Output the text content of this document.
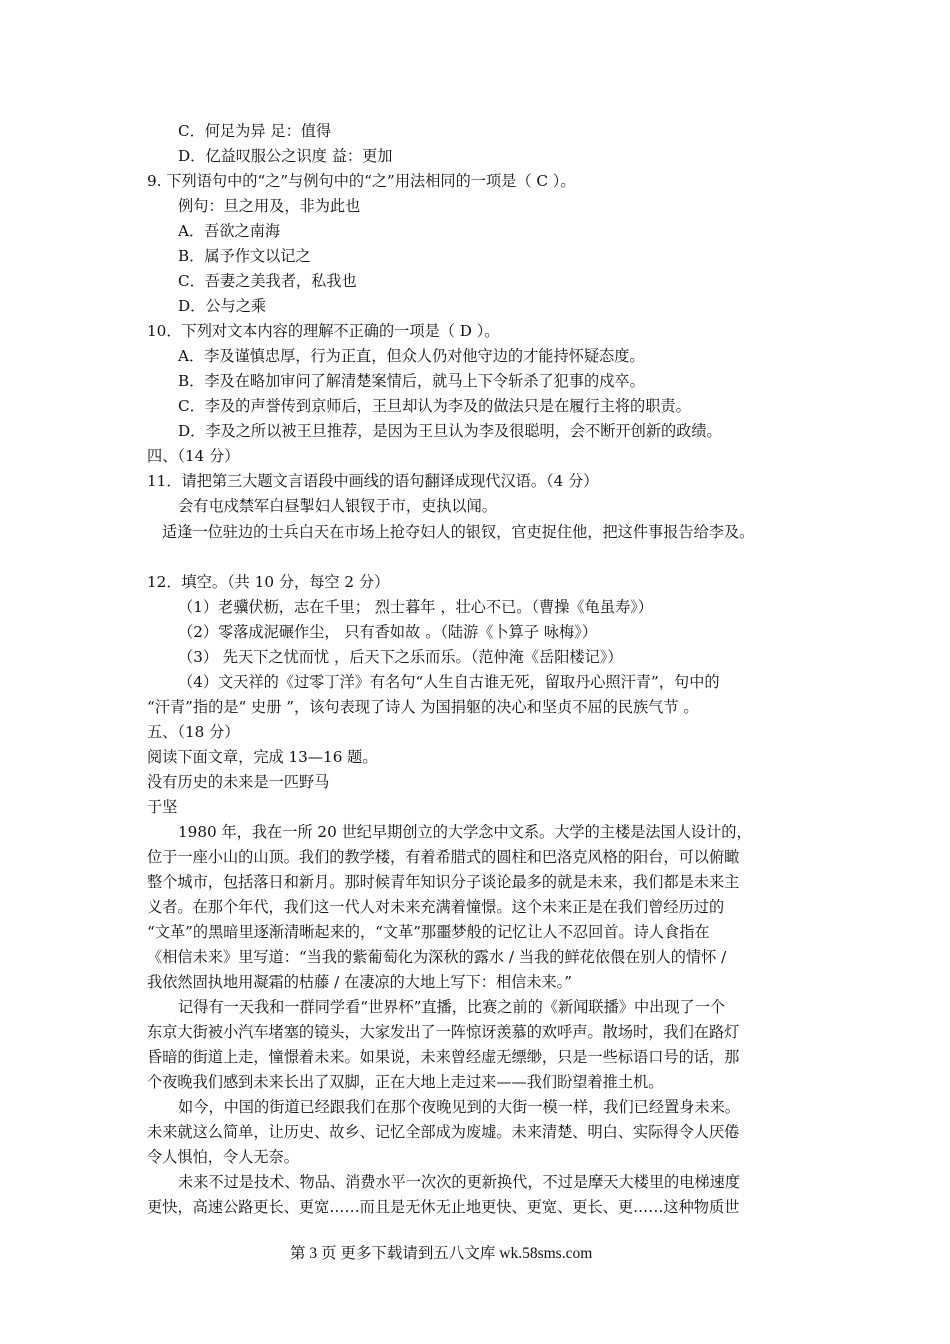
C．何足为异 足：值得
D．亿益叹服公之识度 益：更加
9. 下列语句中的“之”与例句中的“之”用法相同的一项是（ C ）。
例句：旦之用及，非为此也
A．吾欲之南海
B．属予作文以记之
C．吾妻之美我者，私我也
D．公与之乘
10．下列对文本内容的理解不正确的一项是（ D ）。
A．李及谨慎忠厚，行为正直，但众人仍对他守边的才能持怀疑态度。
B．李及在略加审问了解清楚案情后，就马上下令斩杀了犯事的戍卒。
C．李及的声誉传到京师后，王旦却认为李及的做法只是在履行主将的职责。
D．李及之所以被王旦推荐，是因为王旦认为李及很聪明，会不断开创新的政绩。
四、（14 分）
11．请把第三大题文言语段中画线的语句翻译成现代汉语。（4 分）
会有屯戍禁军白昼掣妇人银钗于市，吏执以闻。
适逢一位驻边的士兵白天在市场上抢夺妇人的银钗，官吏捉住他，把这件事报告给李及。
12．填空。（共 10 分，每空 2 分）
（1）老骥伏枥，志在千里； 烈士暮年 ，壮心不已。（曹操《龟虽寿》）
（2）零落成泥碾作尘， 只有香如故 。（陆游《卜算子 咏梅》）
（3） 先天下之忧而忧 ，后天下之乐而乐。（范仲淹《岳阳楼记》）
（4）文天祥的《过零丁洋》有名句“人生自古谁无死，留取丹心照汗青”，句中的
“汗青”指的是“ 史册 ”，该句表现了诗人 为国捐躯的决心和坚贞不屈的民族气节 。
五、（18 分）
阅读下面文章，完成 13—16 题。
没有历史的未来是一匹野马
于坚
1980 年，我在一所 20 世纪早期创立的大学念中文系。大学的主楼是法国人设计的，
位于一座小山的山顶。我们的教学楼，有着希腊式的圆柱和巴洛克风格的阳台，可以俯瞰
整个城市，包括落日和新月。那时候青年知识分子谈论最多的就是未来，我们都是未来主
义者。在那个年代，我们这一代人对未来充满着憧憬。这个未来正是在我们曾经历过的
“文革”的黑暗里逐渐清晰起来的，“文革”那噩梦般的记忆让人不忍回首。诗人食指在
《相信未来》里写道：“当我的紫葡萄化为深秋的露水 / 当我的鲜花依偎在别人的情怀 /
我依然固执地用凝霜的枯藤 / 在凄凉的大地上写下：相信未来。”
记得有一天我和一群同学看“世界杯”直播，比赛之前的《新闻联播》中出现了一个
东京大街被小汽车堵塞的镜头，大家发出了一阵惊讶羡慕的欢呼声。散场时，我们在路灯
昏暗的街道上走，憧憬着未来。如果说，未来曾经虚无缥缈，只是一些标语口号的话，那
个夜晚我们感到未来长出了双脚，正在大地上走过来——我们盼望着推土机。
如今，中国的街道已经跟我们在那个夜晚见到的大街一模一样，我们已经置身未来。
未来就这么简单，让历史、故乡、记忆全部成为废墟。未来清楚、明白、实际得令人厌倦
令人惧怕，令人无奈。
未来不过是技术、物品、消费水平一次次的更新换代，不过是摩天大楼里的电梯速度
更快，高速公路更长、更宽……而且是无休无止地更快、更宽、更长、更……这种物质世
第 3 页 更多下载请到五八文库 wk.58sms.com
